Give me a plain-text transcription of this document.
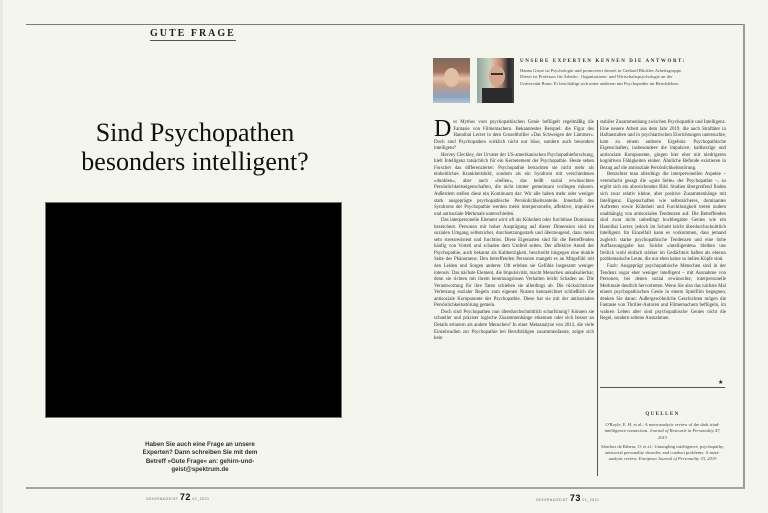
GUTE FRAGE
Sind Psychopathen
besonders intelligent?
Haben Sie auch eine Frage an unsere Experten? Dann schreiben Sie mit dem Betreff »Gute Frage« an: gehirn-und-geist@spektrum.de
UNSERE EXPERTEN KENNEN DIE ANTWORT:
Hanna Grose ist Psychologin und promoviert derzeit in Gerhard Blicklеs Arbeitsgruppe. Dieser ist Professor für Arbeits-, Organisations- und Wirtschaftspsychologie an der Universität Bonn. Er beschäftigt sich unter anderem mit Psychopathie im Berufsleben.
D er Mythos vom psychopathischen Genie beflügelt regelmäßig die Fantasie von Filmemachern. Bekanntestes Beispiel: die Figur des Hannibal Lecter in dem Gruselthriller »Das Schweigen der Lämmer«. Doch sind Psychopathen wirklich nicht nur böse, sondern auch besonders intelligent?

Hervey Cleckley, der Urvater der US-amerikanischen Psychopathieforschung, hielt Intelligenz tatsächlich für ein Kernelement der Psychopathie. Heute sehen Forscher das differenzierter: Psychopathie betrachten sie nicht mehr als einheitliches Krankheitsbild, sondern als ein Syndrom mit verschiedenen »dunklen«, aber auch »hellen«, das heißt sozial erwünschten Persönlichkeitseigenschaften, die nicht immer gemeinsam vorliegen müssen. Außerdem stellen diese ein Kontinuum dar: Wir alle haben mehr oder weniger stark ausgeprägte psychopathische Persönlichkeitsanteile. Innerhalb des Syndroms der Psychopathie werden meist interpersonelle, affektive, impulsive und antisoziale Merkmale unterschieden.

Das interpersonelle Element wird oft als Kühnheit oder furchtlose Dominanz bezeichnet. Personen mit hoher Ausprägung auf dieser Dimension sind im sozialen Umgang selbstsicher, durchsetzungsstark und überzeugend, dazu meist sehr stressresistent und furchtlos. Diese Eigenarten sind für die Betreffenden häufig von Vorteil und schaden dem Umfeld selten. Der affektive Anteil der Psychopathie, auch bekannt als Kaltherzigkeit, beschreibt hingegen eine dunkle Seite des Phänomens: Den betreffenden Personen mangelt es an Mitgefühl mit den Leiden und Sorgen anderer. Oft erleben sie Gefühle insgesamt weniger intensiv. Das nächste Element, die Impulsivität, macht Menschen unkalkulierbar, denn sie richten mit ihrem hemmungslosen Verhalten leicht Schaden an. Die Verantwortung für ihre Taten schieben sie allerdings ab. Die rücksichtslose Verletzung sozialer Regeln zum eigenen Nutzen kennzeichnet schließlich die antisoziale Komponente der Psychopathie. Diese hat sie mit der antisozialen Persönlichkeitsstörung gemein.

Doch sind Psychopathen nun überdurchschnittlich scharfsinnig? Können sie schneller und präziser logische Zusammenhänge erkennen oder sich besser an Details erinnern als andere Menschen? In einer Metaanalyse von 2013, die viele Einzelstudien zur Psychopathie bei Berufstätigen zusammenfasste, zeigte sich kein

stabiler Zusammenhang zwischen Psychopathie und Intelligenz. Eine neuere Arbeit aus dem Jahr 2019, die auch Straftäter in Haftanstalten und in psychiatrischen Einrichtungen untersuchte, kam zu einem anderen Ergebnis: Psychopathische Eigenschaften, insbesondere die impulsive, kaltherzige und antisoziale Komponente, gingen hier eher mit niedrigeren kognitiven Fähigkeiten einher. Ähnliche Befunde existieren in Bezug auf die antisoziale Persönlichkeitsstörung.

Betrachtet man allerdings die interpersonellen Aspekte – vereinfacht gesagt die »gute Seite« der Psychopathie –, so ergibt sich ein abweichendes Bild. Studien übergreifend finden sich zwar relativ kleine, aber positive Zusammenhänge mit Intelligenz. Eigenschaften wie selbstsicheres, dominantes Auftreten sowie Kühnheit und Furchtlosigkeit treten zudem unabhängig von antisozialen Tendenzen auf. Die Betreffenden sind zwar nicht unbedingt hochbegabte Genies wie ein Hannibal Lecter, jedoch im Schnitt leicht überdurchschnittlich intelligent. Im Einzelfall kann es vorkommen, dass jemand zugleich starke psychopathische Tendenzen und eine hohe Auffassungsgabe hat. Solche »intelligenten« bleiben uns freilich wohl einfach stärker im Gedächtnis haften als ebenso problematische Leute, die nur eben keine so hellen Köpfe sind.

Fazit: Ausgeprägt psychopathische Menschen sind in der Tendenz sogar eher weniger intelligent – mit Ausnahme von Personen, bei denen sozial erwünschte, interpersonelle Merkmale deutlich hervortreten. Wenn Sie also das nächste Mal einem psychopathischen Genie in einem Spielfilm begegnen, denken Sie daran: Außergewöhnliche Geschichten mögen die Fantasie von Thriller-Autoren und Filmemachern beflügeln, im wahren Leben aber sind psychopathische Genies nicht die Regel, sondern seltene Ausnahmen.

★
QUELLEN

O'Boyle, E. H. et al.: A meta-analytic review of the dark triad-intelligence connection. Journal of Research in Personality 47, 2013

Sánchez de Ribera, O. et al.: Untangling intelligence, psychopathy, antisocial personality disorder, and conduct problems: A meta-analytic review. European Journal of Personality 33, 2019

GEHIRN&GEIST 72 01_2021	GEHIRN&GEIST 73 01_2021
